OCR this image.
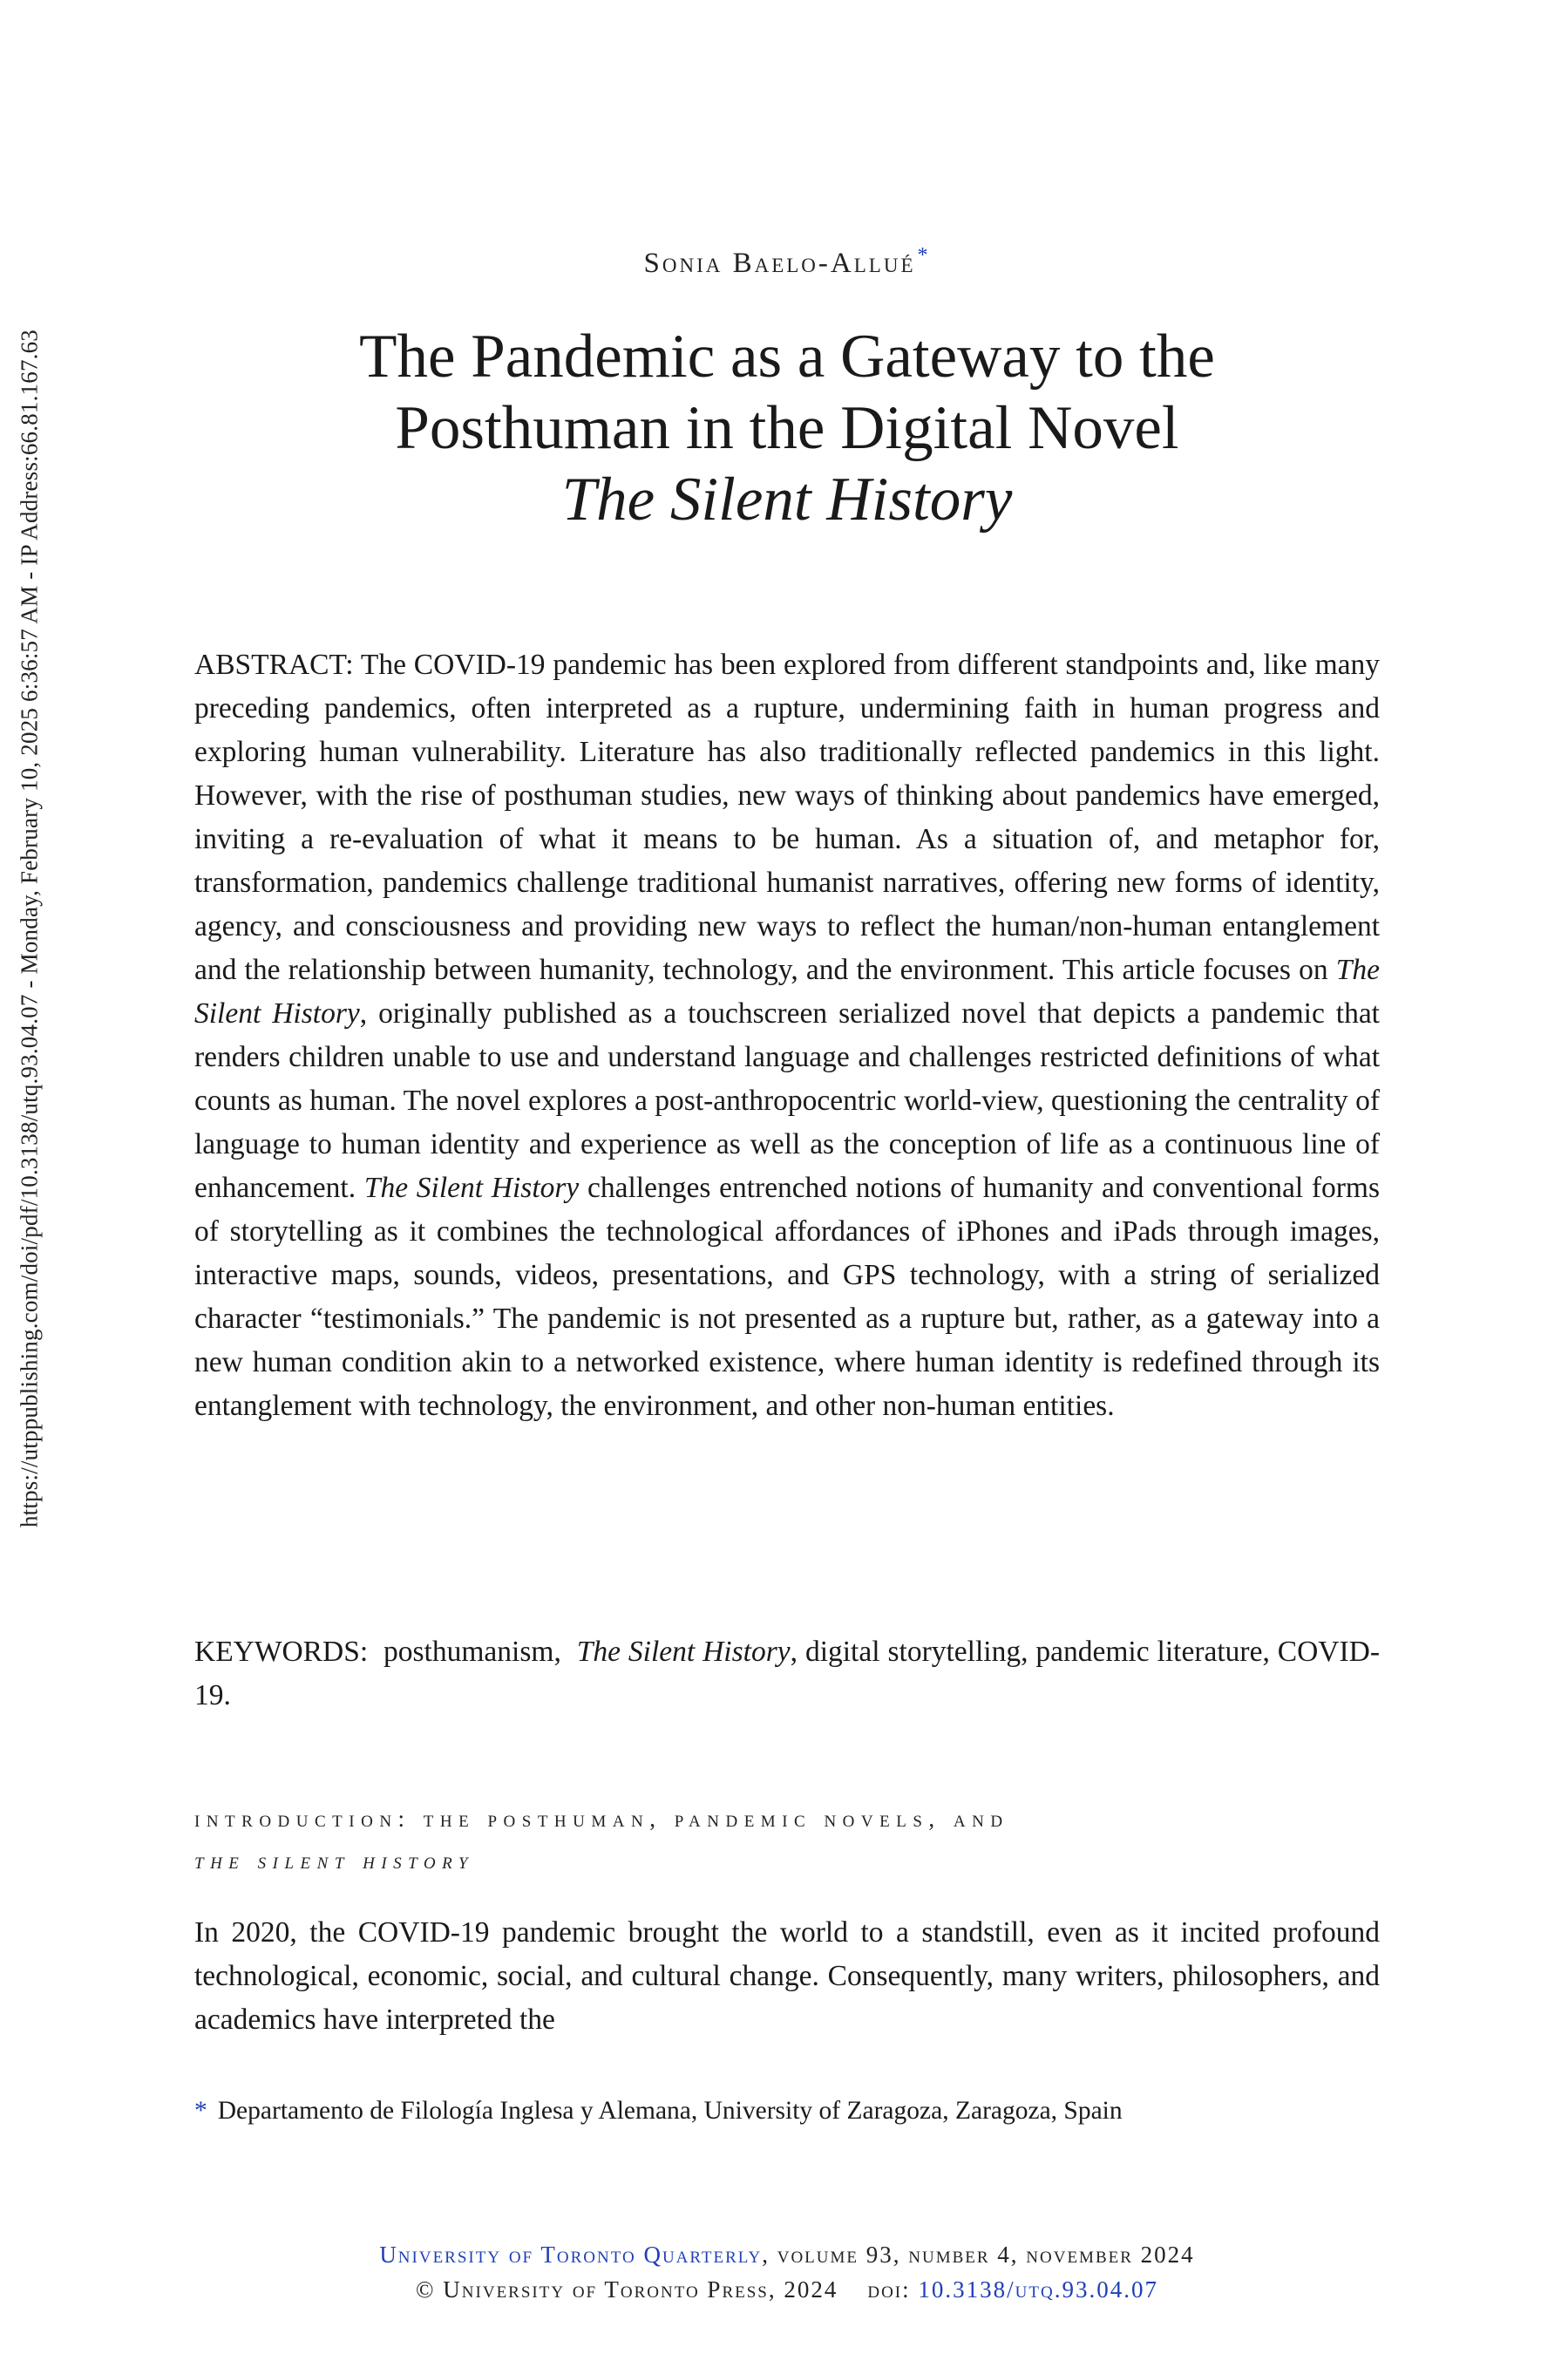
https://utppublishing.com/doi/pdf/10.3138/utq.93.04.07 - Monday, February 10, 2025 6:36:57 AM - IP Address:66.81.167.63
Sonia Baelo-Allué*
The Pandemic as a Gateway to the
Posthuman in the Digital Novel
The Silent History
ABSTRACT: The COVID-19 pandemic has been explored from different standpoints and, like many preceding pandemics, often interpreted as a rupture, undermining faith in human progress and exploring human vulnerability. Literature has also traditionally reflected pandemics in this light. However, with the rise of posthuman studies, new ways of thinking about pandemics have emerged, inviting a re-evaluation of what it means to be human. As a situation of, and metaphor for, transformation, pandemics challenge traditional humanist narratives, offering new forms of identity, agency, and consciousness and providing new ways to reflect the human/non-human entanglement and the relationship between humanity, technology, and the environment. This article focuses on The Silent History, originally published as a touchscreen serialized novel that depicts a pandemic that renders children unable to use and understand language and challenges restricted definitions of what counts as human. The novel explores a post-anthropocentric world-view, questioning the centrality of language to human identity and experience as well as the conception of life as a continuous line of enhancement. The Silent History challenges entrenched notions of humanity and conventional forms of storytelling as it combines the technological affordances of iPhones and iPads through images, interactive maps, sounds, videos, presentations, and GPS technology, with a string of serialized character “testimonials.” The pandemic is not presented as a rupture but, rather, as a gateway into a new human condition akin to a networked existence, where human identity is redefined through its entanglement with technology, the environment, and other non-human entities.
KEYWORDS: posthumanism, The Silent History, digital storytelling, pandemic literature, COVID-19.
introduction: the posthuman, pandemic novels, and
the silent history
In 2020, the COVID-19 pandemic brought the world to a standstill, even as it incited profound technological, economic, social, and cultural change. Consequently, many writers, philosophers, and academics have interpreted the
* Departamento de Filología Inglesa y Alemana, University of Zaragoza, Zaragoza, Spain
University of Toronto Quarterly, volume 93, number 4, november 2024
© University of Toronto Press, 2024 doi: 10.3138/utq.93.04.07
